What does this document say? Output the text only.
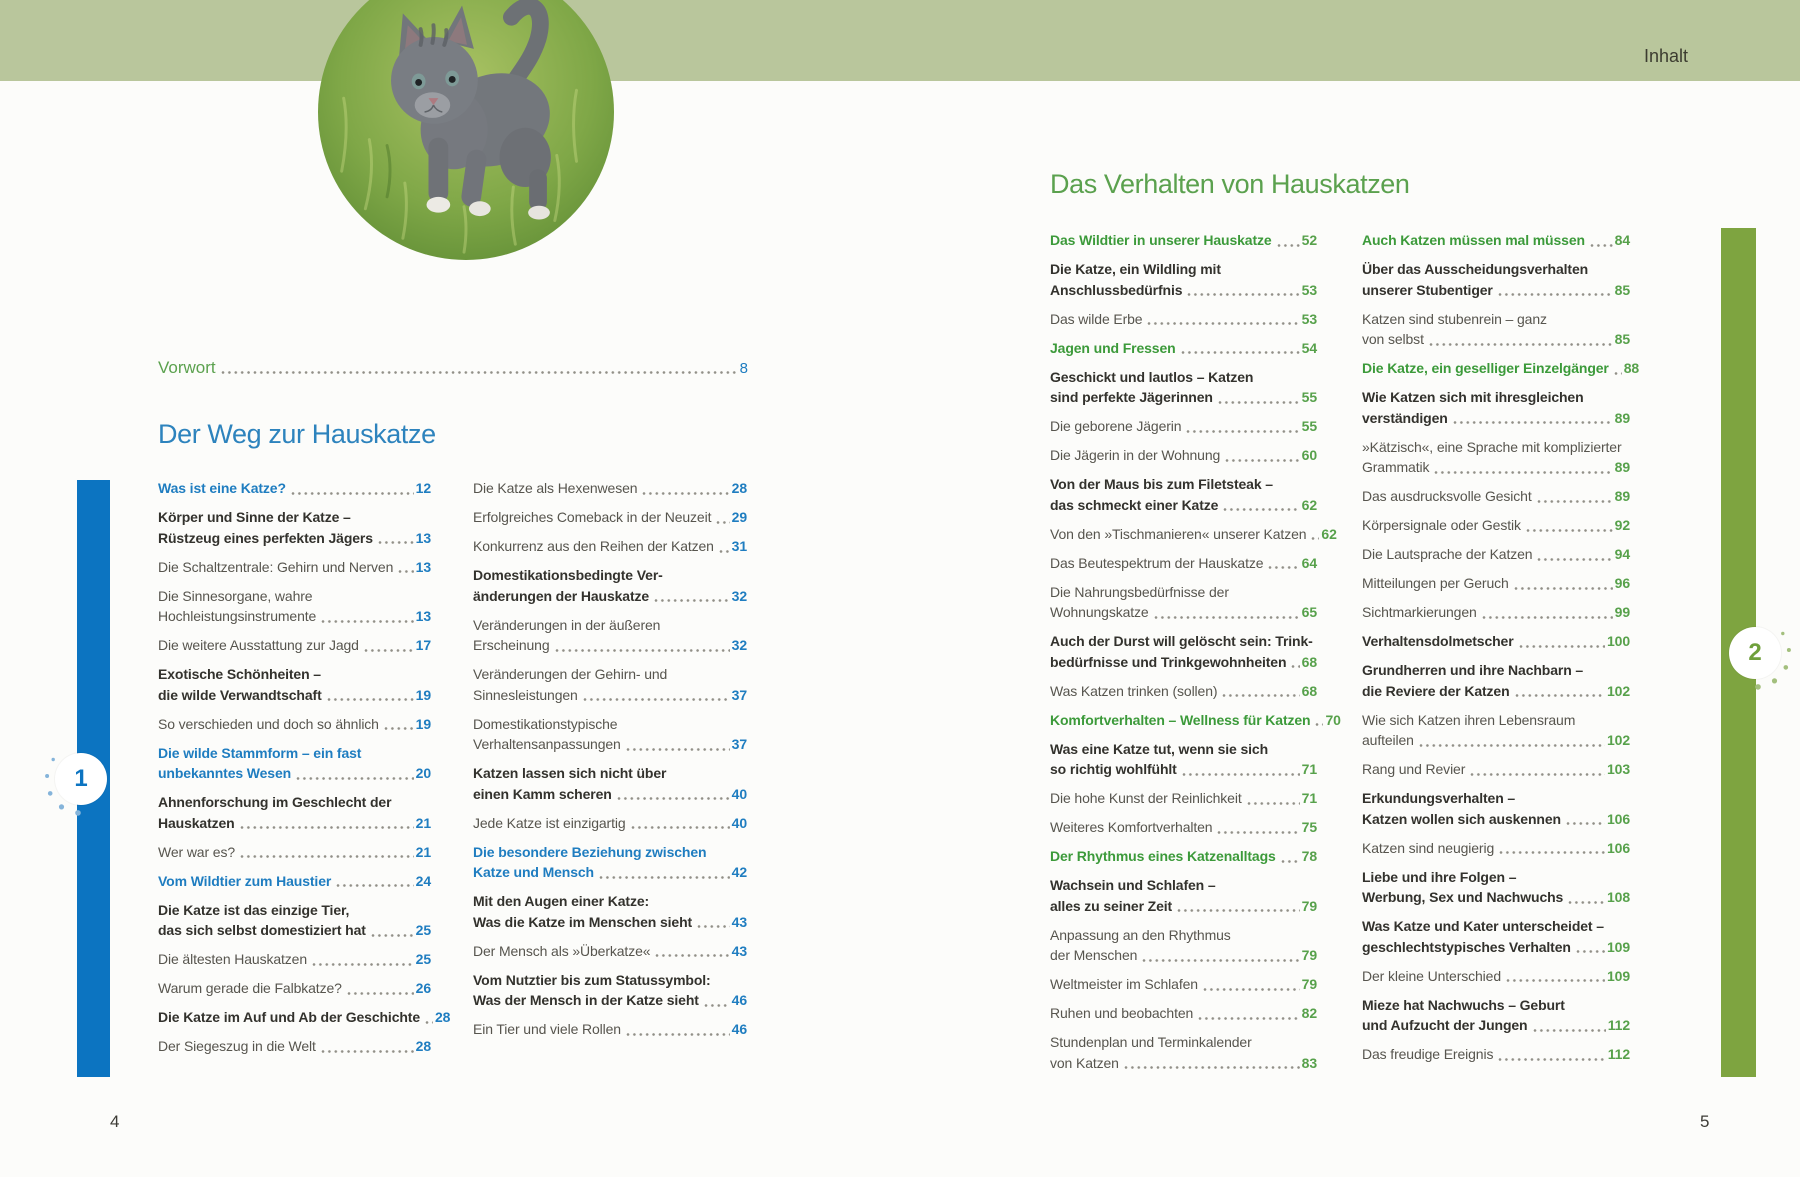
Inhalt
Vorwort	8
Der Weg zur Hauskatze
Was ist eine Katze?	12
Körper und Sinne der Katze –
Rüstzeug eines perfekten Jägers	13
Die Schaltzentrale: Gehirn und Nerven 13
Die Sinnesorgane, wahre
Hochleistungsinstrumente	13
Die weitere Ausstattung zur Jagd	17
Exotische Schönheiten –
die wilde Verwandtschaft	19
So verschieden und doch so ähnlich	19
Die wilde Stammform – ein fast
unbekanntes Wesen	20
Ahnenforschung im Geschlecht der
Hauskatzen	21
Wer war es?	21
Vom Wildtier zum Haustier	24
Die Katze ist das einzige Tier,
das sich selbst domestiziert hat	25
Die ältesten Hauskatzen	25
Warum gerade die Falbkatze?	26
Die Katze im Auf und Ab der Geschichte 28
Der Siegeszug in die Welt	28
Die Katze als Hexenwesen	28
Erfolgreiches Comeback in der Neuzeit 29
Konkurrenz aus den Reihen der Katzen 31
Domestikationsbedingte Ver-
änderungen der Hauskatze	32
Veränderungen in der äußeren
Erscheinung	32
Veränderungen der Gehirn- und
Sinnesleistungen	37
Domestikationstypische
Verhaltensanpassungen	37
Katzen lassen sich nicht über
einen Kamm scheren	40
Jede Katze ist einzigartig	40
Die besondere Beziehung zwischen
Katze und Mensch	42
Mit den Augen einer Katze:
Was die Katze im Menschen sieht	43
Der Mensch als »Überkatze«	43
Vom Nutztier bis zum Statussymbol:
Was der Mensch in der Katze sieht 46
Ein Tier und viele Rollen	46
1
4
Das Verhalten von Hauskatzen
Das Wildtier in unserer Hauskatze 52
Die Katze, ein Wildling mit
Anschlussbedürfnis	53
Das wilde Erbe	53
Jagen und Fressen	54
Geschickt und lautlos – Katzen
sind perfekte Jägerinnen	55
Die geborene Jägerin	55
Die Jägerin in der Wohnung	60
Von der Maus bis zum Filetsteak –
das schmeckt einer Katze	62
Von den »Tischmanieren« unserer Katzen 62
Das Beutespektrum der Hauskatze	64
Die Nahrungsbedürfnisse der
Wohnungskatze	65
Auch der Durst will gelöscht sein: Trink-
bedürfnisse und Trinkgewohnheiten 68
Was Katzen trinken (sollen)	68
Komfortverhalten – Wellness für Katzen 70
Was eine Katze tut, wenn sie sich
so richtig wohlfühlt	71
Die hohe Kunst der Reinlichkeit	71
Weiteres Komfortverhalten	75
Der Rhythmus eines Katzenalltags 78
Wachsein und Schlafen –
alles zu seiner Zeit	79
Anpassung an den Rhythmus
der Menschen	79
Weltmeister im Schlafen	79
Ruhen und beobachten	82
Stundenplan und Terminkalender
von Katzen	83
Auch Katzen müssen mal müssen 84
Über das Ausscheidungsverhalten
unserer Stubentiger	85
Katzen sind stubenrein – ganz
von selbst	85
Die Katze, ein geselliger Einzelgänger 88
Wie Katzen sich mit ihresgleichen
verständigen	89
»Kätzisch«, eine Sprache mit komplizierter
Grammatik	89
Das ausdrucksvolle Gesicht	89
Körpersignale oder Gestik	92
Die Lautsprache der Katzen	94
Mitteilungen per Geruch	96
Sichtmarkierungen	99
Verhaltensdolmetscher	100
Grundherren und ihre Nachbarn –
die Reviere der Katzen	102
Wie sich Katzen ihren Lebensraum
aufteilen	102
Rang und Revier	103
Erkundungsverhalten –
Katzen wollen sich auskennen	106
Katzen sind neugierig	106
Liebe und ihre Folgen –
Werbung, Sex und Nachwuchs	108
Was Katze und Kater unterscheidet –
geschlechtstypisches Verhalten	109
Der kleine Unterschied	109
Mieze hat Nachwuchs – Geburt
und Aufzucht der Jungen	112
Das freudige Ereignis	112
2
5
